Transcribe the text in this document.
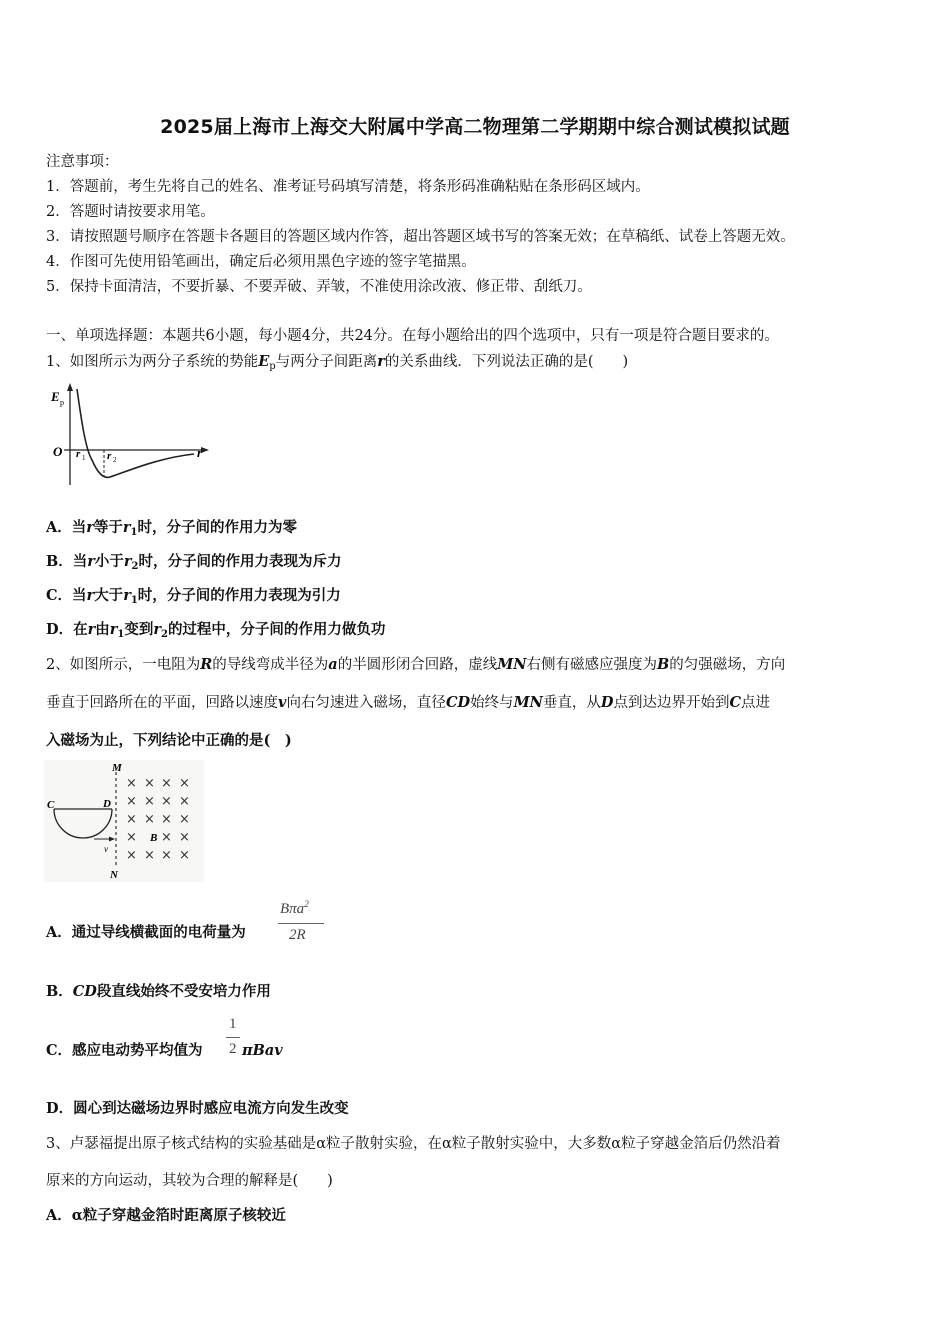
2025届上海市上海交大附属中学高二物理第二学期期中综合测试模拟试题
注意事项：
1．答题前，考生先将自己的姓名、准考证号码填写清楚，将条形码准确粘贴在条形码区域内。
2．答题时请按要求用笔。
3．请按照题号顺序在答题卡各题目的答题区域内作答，超出答题区域书写的答案无效；在草稿纸、试卷上答题无效。
4．作图可先使用铅笔画出，确定后必须用黑色字迹的签字笔描黑。
5．保持卡面清洁，不要折暴、不要弄破、弄皱，不准使用涂改液、修正带、刮纸刀。
一、单项选择题：本题共6小题，每小题4分，共24分。在每小题给出的四个选项中，只有一项是符合题目要求的。
1、如图所示为两分子系统的势能$E_p$与两分子间距离r的关系曲线．下列说法正确的是(　　)
E p
O	r
r 1 r 2
A．当r等于$r_1$时，分子间的作用力为零
B．当r小于$r_2$时，分子间的作用力表现为斥力
C．当r大于$r_1$时，分子间的作用力表现为引力
D．在r由$r_1$变到$r_2$的过程中，分子间的作用力做负功
2、如图所示，一电阻为R的导线弯成半径为a的半圆形闭合回路，虚线MN右侧有磁感应强度为B的匀强磁场，方向
垂直于回路所在的平面，回路以速度v向右匀速进入磁场，直径CD始终与MN垂直，从D点到达边界开始到C点进
入磁场为止，下列结论中正确的是(　)
M
N
C	D
v
B
× × × ×
× × × ×
× × × ×
× × ×
× × × ×
A．通过导线横截面的电荷量为
Bπa$^2$
2R
B．CD段直线始终不受安培力作用
C．感应电动势平均值为
1
2 πBav
D．圆心到达磁场边界时感应电流方向发生改变
3、卢瑟福提出原子核式结构的实验基础是α粒子散射实验，在α粒子散射实验中，大多数α粒子穿越金箔后仍然沿着
原来的方向运动，其较为合理的解释是(　　)
A．α粒子穿越金箔时距离原子核较近
